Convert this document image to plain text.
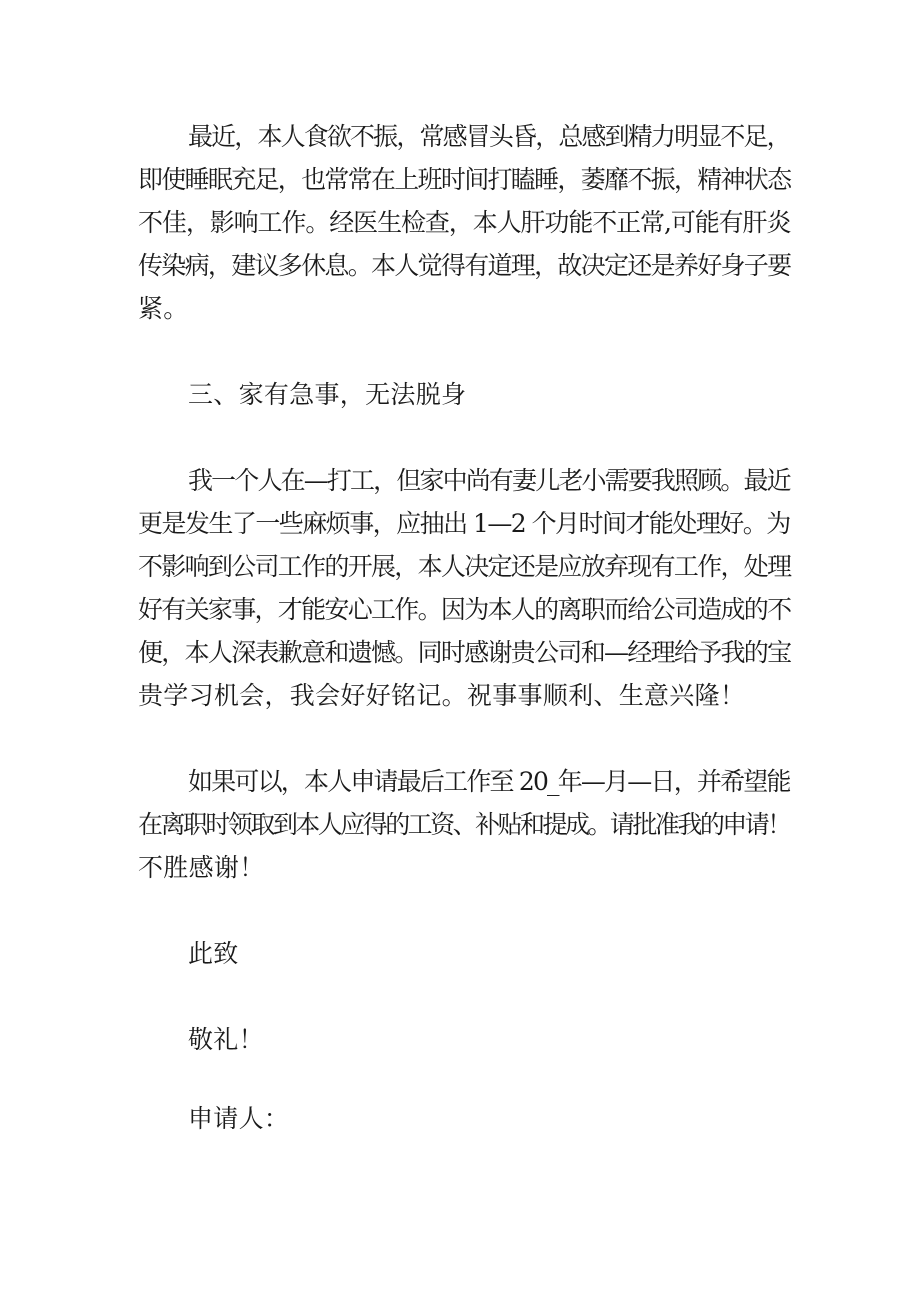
最近，本人食欲不振，常感冒头昏，总感到精力明显不足，
即使睡眠充足，也常常在上班时间打瞌睡，萎靡不振，精神状态
不佳，影响工作。经医生检查，本人肝功能不正常,可能有肝炎
传染病，建议多休息。本人觉得有道理，故决定还是养好身子要
紧。
三、家有急事，无法脱身
我一个人在—打工，但家中尚有妻儿老小需要我照顾。最近
更是发生了一些麻烦事，应抽出 1—2 个月时间才能处理好。为
不影响到公司工作的开展，本人决定还是应放弃现有工作，处理
好有关家事，才能安心工作。因为本人的离职而给公司造成的不
便，本人深表歉意和遗憾。同时感谢贵公司和—经理给予我的宝
贵学习机会，我会好好铭记。祝事事顺利、生意兴隆！
如果可以，本人申请最后工作至 20_年—月—日，并希望能
在离职时领取到本人应得的工资、补贴和提成。请批准我的申请！
不胜感谢！
此致
敬礼！
申请人：
